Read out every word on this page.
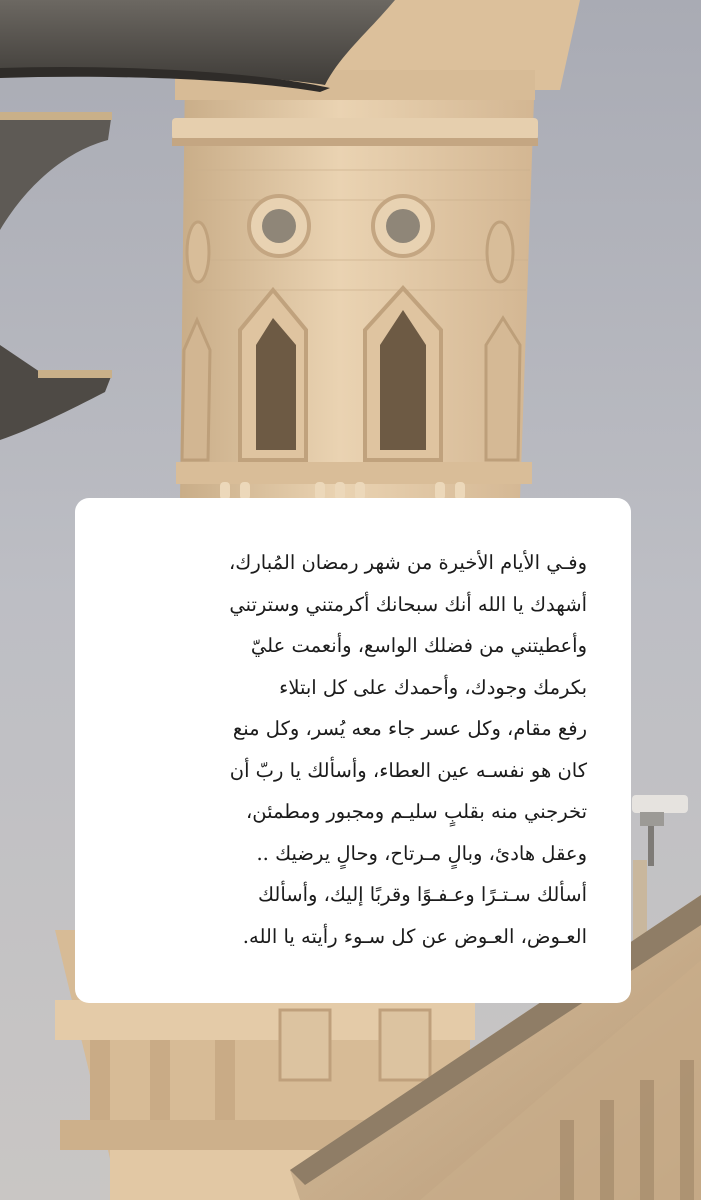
وفـي الأيام الأخيرة من شهر رمضان المُبارك،
أشهدك يا الله أنك سبحانك أكرمتني وسترتني
وأعطيتني من فضلك الواسع، وأنعمت عليّ
بكرمك وجودك، وأحمدك على كل ابتلاء
رفع مقام، وكل عسر جاء معه يُسر، وكل منع
كان هو نفسـه عين العطاء، وأسألك يا ربّ أن
تخرجني منه بقلبٍ سليـم ومجبور ومطمئن،
وعقل هادئ، وبالٍ مـرتاح، وحالٍ يرضيك ..
أسألك سـتـرًا وعـفـوًا وقربًا إليك، وأسألك
العـوض، العـوض عن كل سـوء رأيته يا الله.
